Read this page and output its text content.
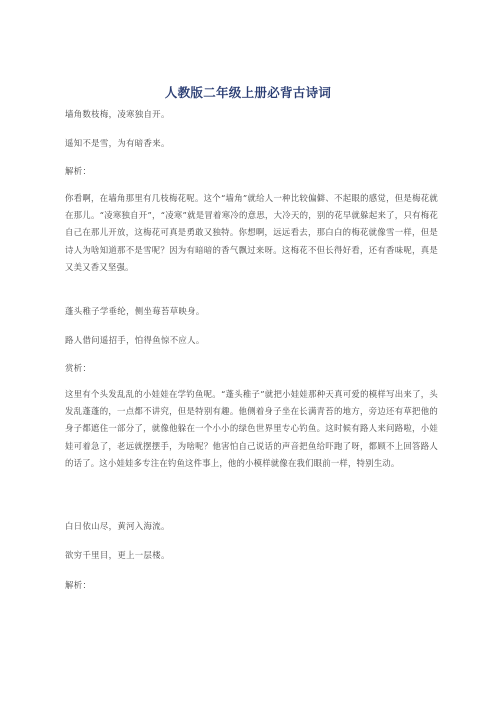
人教版二年级上册必背古诗词
墙角数枝梅，凌寒独自开。
遥知不是雪，为有暗香来。
解析：

你看啊，在墙角那里有几枝梅花呢。这个“墙角”就给人一种比较偏僻、不起眼的感觉，但是梅花就在那儿。“凌寒独自开”，“凌寒”就是冒着寒冷的意思，大冷天的，别的花早就躲起来了，只有梅花自己在那儿开放，这梅花可真是勇敢又独特。你想啊，远远看去，那白白的梅花就像雪一样，但是诗人为啥知道那不是雪呢？因为有暗暗的香气飘过来呀。这梅花不但长得好看，还有香味呢，真是又美又香又坚强。

蓬头稚子学垂纶，侧坐莓苔草映身。
路人借问遥招手，怕得鱼惊不应人。
赏析：

这里有个头发乱乱的小娃娃在学钓鱼呢。“蓬头稚子”就把小娃娃那种天真可爱的模样写出来了，头发乱蓬蓬的，一点都不讲究，但是特别有趣。他侧着身子坐在长满青苔的地方，旁边还有草把他的身子都遮住一部分了，就像他躲在一个小小的绿色世界里专心钓鱼。这时候有路人来问路啦，小娃娃可着急了，老远就摆摆手，为啥呢？他害怕自己说话的声音把鱼给吓跑了呀，都顾不上回答路人的话了。这小娃娃多专注在钓鱼这件事上，他的小模样就像在我们眼前一样，特别生动。

白日依山尽，黄河入海流。
欲穷千里目，更上一层楼。
解析：
